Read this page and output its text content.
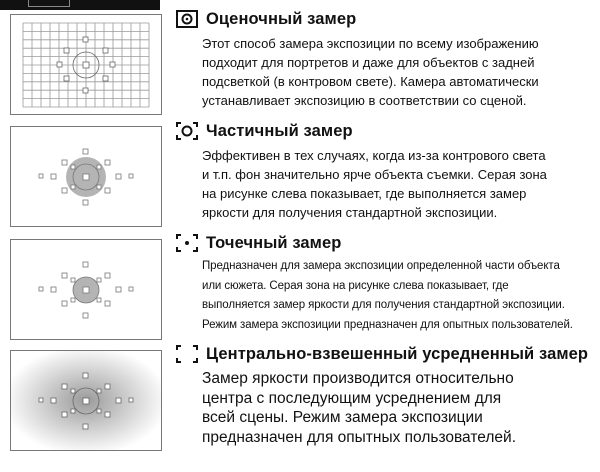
Оценочный замер
Этот способ замера экспозиции по всему изображению
подходит для портретов и даже для объектов с задней
подсветкой (в контровом свете). Камера автоматически
устанавливает экспозицию в соответствии со сценой.
Частичный замер
Эффективен в тех случаях, когда из-за контрового света
и т.п. фон значительно ярче объекта съемки. Серая зона
на рисунке слева показывает, где выполняется замер
яркости для получения стандартной экспозиции.
Точечный замер
Предназначен для замера экспозиции определенной части объекта
или сюжета. Серая зона на рисунке слева показывает, где
выполняется замер яркости для получения стандартной экспозиции.
Режим замера экспозиции предназначен для опытных пользователей.
Центрально-взвешенный усредненный замер
Замер яркости производится относительно
центра с последующим усреднением для
всей сцены. Режим замера экспозиции
предназначен для опытных пользователей.
